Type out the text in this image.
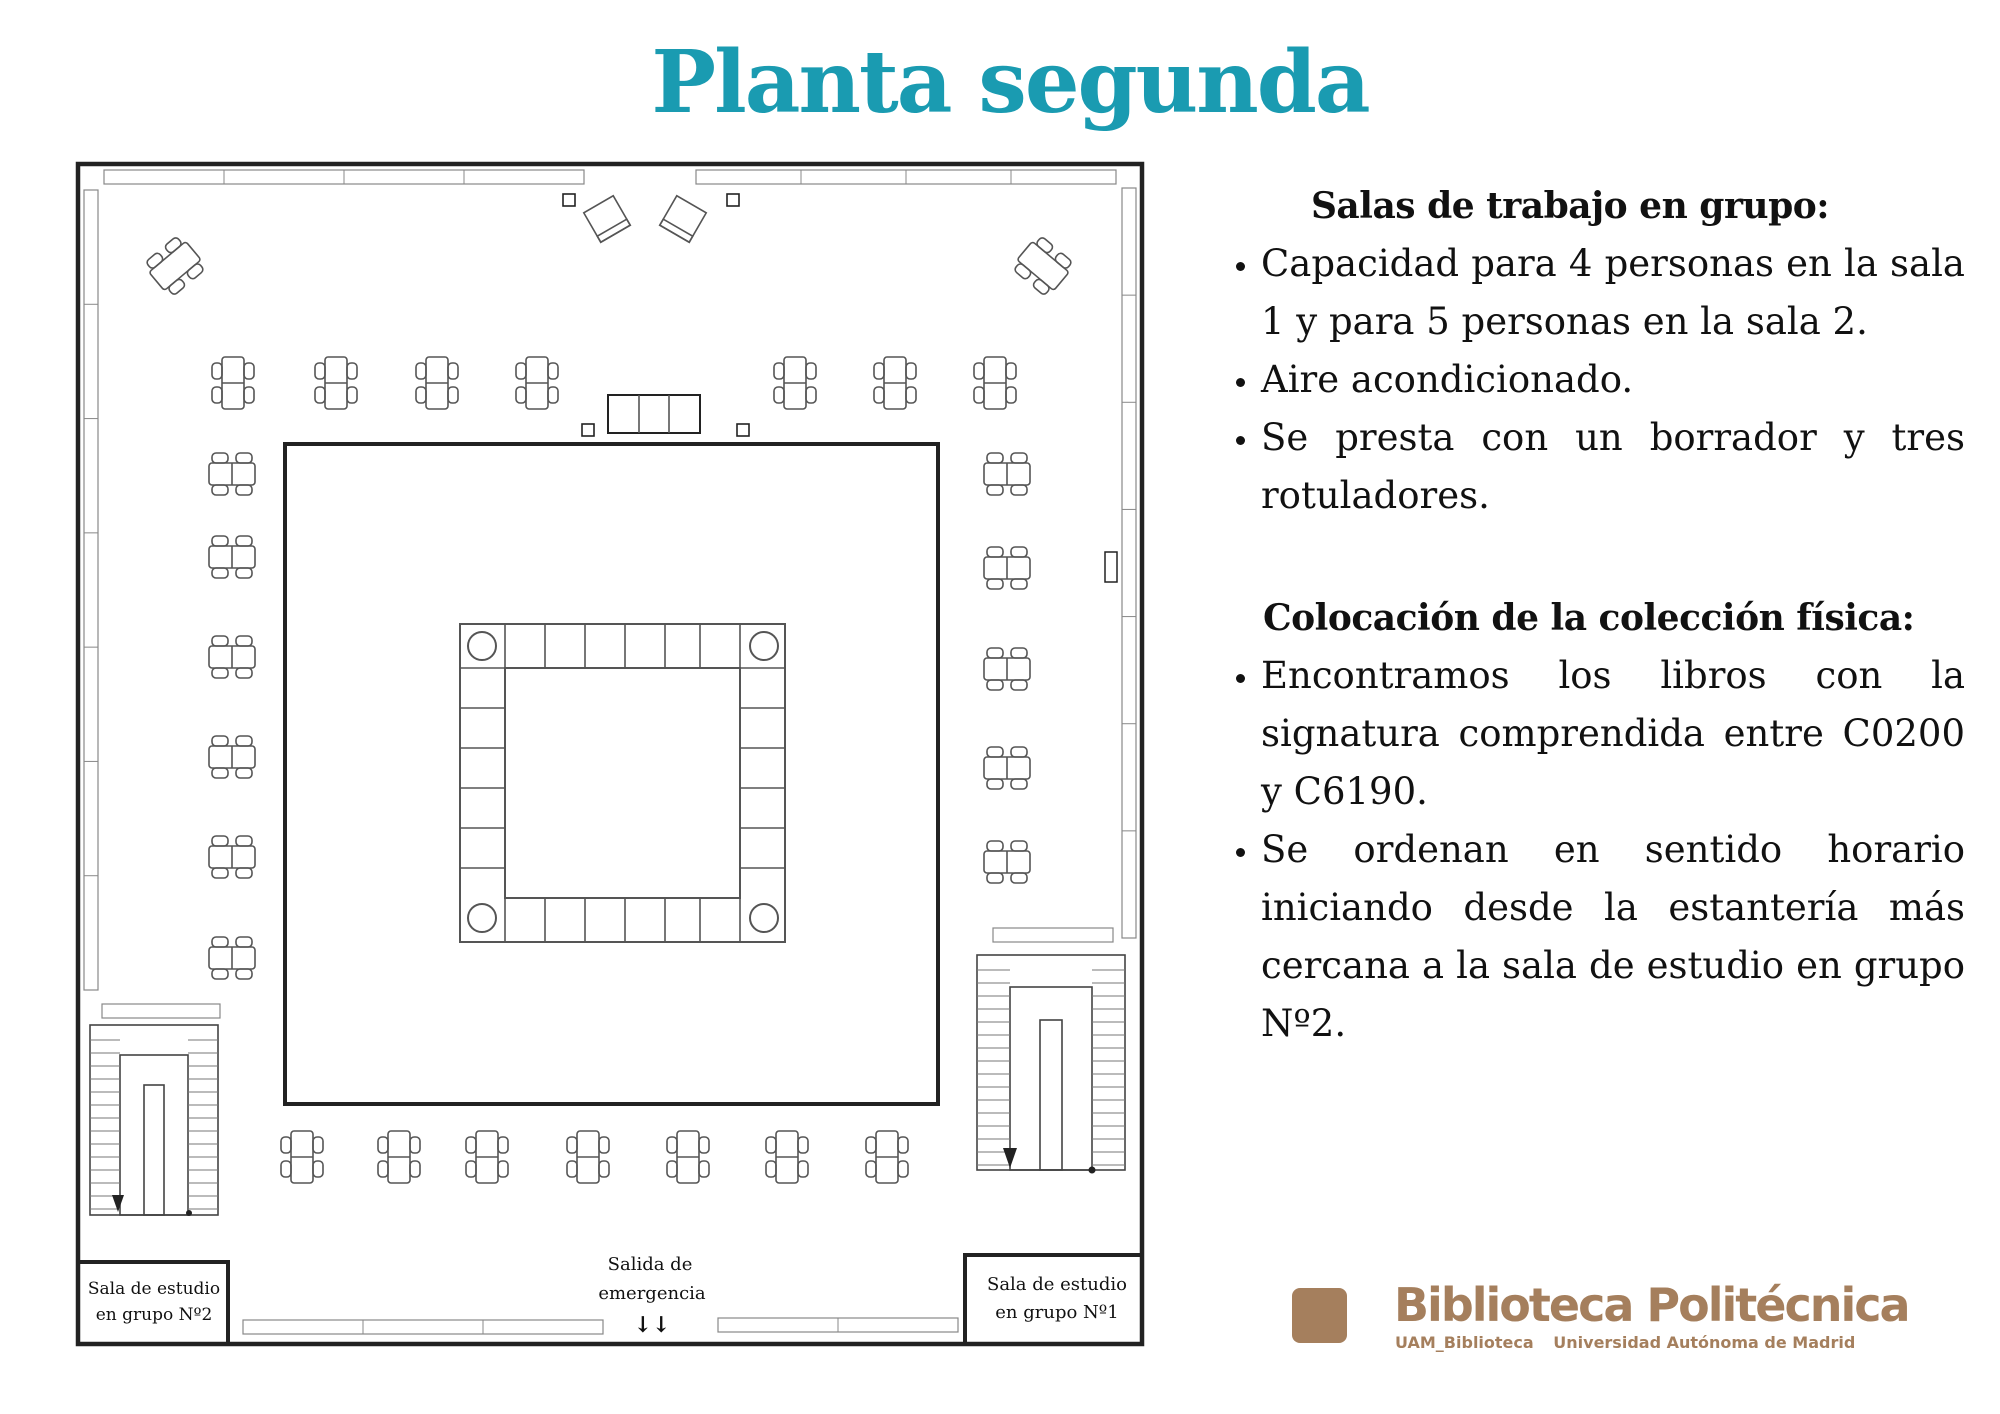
Planta segunda
Sala de estudio
en grupo Nº2
Sala de estudio
en grupo Nº1
Salida de
emergencia
↓↓
Salas de trabajo en grupo:
• Capacidad para 4 personas en la sala 1 y para 5 personas en la sala 2.
• Aire acondicionado.
• Se presta con un borrador y tres rotuladores.
Colocación de la colección física:
• Encontramos los libros con la signatura comprendida entre C0200 y C6190.
• Se ordenan en sentido horario iniciando desde la estantería más cercana a la sala de estudio en grupo Nº2.
Biblioteca Politécnica
UAM_Biblioteca Universidad Autónoma de Madrid
